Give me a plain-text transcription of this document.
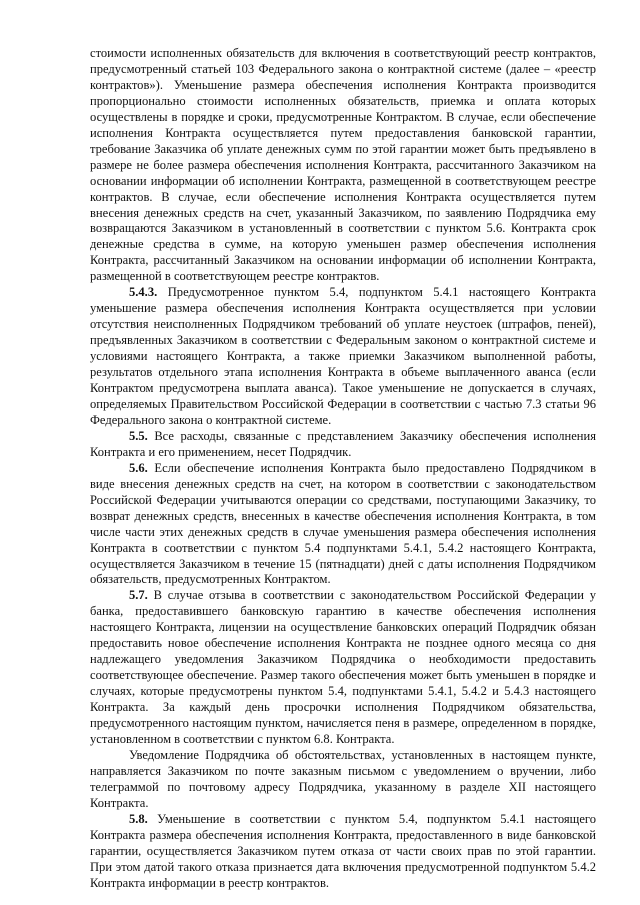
стоимости исполненных обязательств для включения в соответствующий реестр контрактов, предусмотренный статьей 103 Федерального закона о контрактной системе (далее – «реестр контрактов»). Уменьшение размера обеспечения исполнения Контракта производится пропорционально стоимости исполненных обязательств, приемка и оплата которых осуществлены в порядке и сроки, предусмотренные Контрактом. В случае, если обеспечение исполнения Контракта осуществляется путем предоставления банковской гарантии, требование Заказчика об уплате денежных сумм по этой гарантии может быть предъявлено в размере не более размера обеспечения исполнения Контракта, рассчитанного Заказчиком на основании информации об исполнении Контракта, размещенной в соответствующем реестре контрактов. В случае, если обеспечение исполнения Контракта осуществляется путем внесения денежных средств на счет, указанный Заказчиком, по заявлению Подрядчика ему возвращаются Заказчиком в установленный в соответствии с пунктом 5.6. Контракта срок денежные средства в сумме, на которую уменьшен размер обеспечения исполнения Контракта, рассчитанный Заказчиком на основании информации об исполнении Контракта, размещенной в соответствующем реестре контрактов.

5.4.3. Предусмотренное пунктом 5.4, подпунктом 5.4.1 настоящего Контракта уменьшение размера обеспечения исполнения Контракта осуществляется при условии отсутствия неисполненных Подрядчиком требований об уплате неустоек (штрафов, пеней), предъявленных Заказчиком в соответствии с Федеральным законом о контрактной системе и условиями настоящего Контракта, а также приемки Заказчиком выполненной работы, результатов отдельного этапа исполнения Контракта в объеме выплаченного аванса (если Контрактом предусмотрена выплата аванса). Такое уменьшение не допускается в случаях, определяемых Правительством Российской Федерации в соответствии с частью 7.3 статьи 96 Федерального закона о контрактной системе.

5.5. Все расходы, связанные с представлением Заказчику обеспечения исполнения Контракта и его применением, несет Подрядчик.

5.6. Если обеспечение исполнения Контракта было предоставлено Подрядчиком в виде внесения денежных средств на счет, на котором в соответствии с законодательством Российской Федерации учитываются операции со средствами, поступающими Заказчику, то возврат денежных средств, внесенных в качестве обеспечения исполнения Контракта, в том числе части этих денежных средств в случае уменьшения размера обеспечения исполнения Контракта в соответствии с пунктом 5.4 подпунктами 5.4.1, 5.4.2 настоящего Контракта, осуществляется Заказчиком в течение 15 (пятнадцати) дней с даты исполнения Подрядчиком обязательств, предусмотренных Контрактом.

5.7. В случае отзыва в соответствии с законодательством Российской Федерации у банка, предоставившего банковскую гарантию в качестве обеспечения исполнения настоящего Контракта, лицензии на осуществление банковских операций Подрядчик обязан предоставить новое обеспечение исполнения Контракта не позднее одного месяца со дня надлежащего уведомления Заказчиком Подрядчика о необходимости предоставить соответствующее обеспечение. Размер такого обеспечения может быть уменьшен в порядке и случаях, которые предусмотрены пунктом 5.4, подпунктами 5.4.1, 5.4.2 и 5.4.3 настоящего Контракта. За каждый день просрочки исполнения Подрядчиком обязательства, предусмотренного настоящим пунктом, начисляется пеня в размере, определенном в порядке, установленном в соответствии с пунктом 6.8. Контракта.

Уведомление Подрядчика об обстоятельствах, установленных в настоящем пункте, направляется Заказчиком по почте заказным письмом с уведомлением о вручении, либо телеграммой по почтовому адресу Подрядчика, указанному в разделе XII настоящего Контракта.

5.8. Уменьшение в соответствии с пунктом 5.4, подпунктом 5.4.1 настоящего Контракта размера обеспечения исполнения Контракта, предоставленного в виде банковской гарантии, осуществляется Заказчиком путем отказа от части своих прав по этой гарантии. При этом датой такого отказа признается дата включения предусмотренной подпунктом 5.4.2 Контракта информации в реестр контрактов.
